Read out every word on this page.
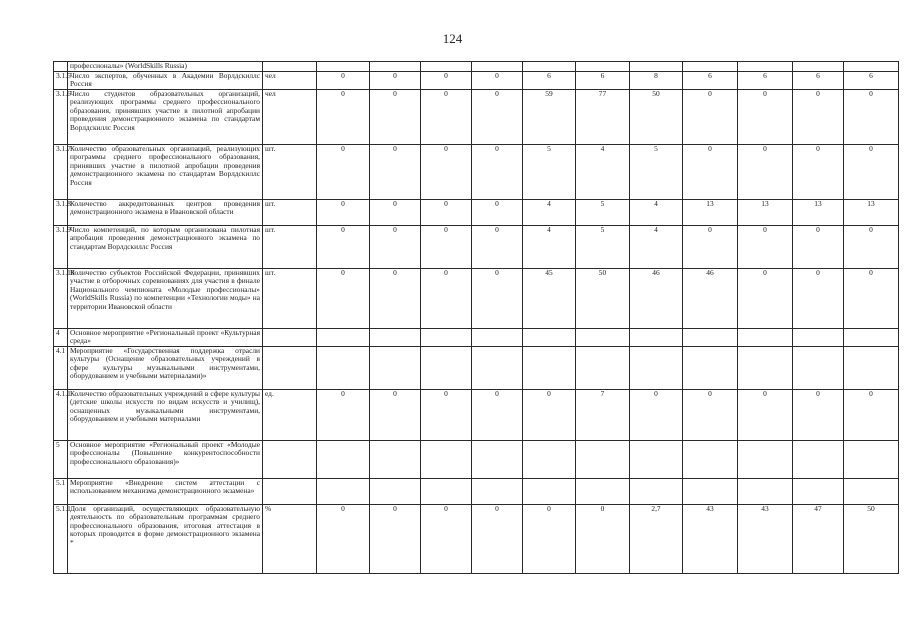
124
	профессионалы» (WorldSkills Russia)												
3.1.5	Число экспертов, обученных в Академии Ворлдскиллс Россия	чел	0	0	0	0	6	6	8	6	6	6	6
3.1.6	Число студентов образовательных организаций, реализующих программы среднего профессионального образования, принявших участие в пилотной апробации проведения демонстрационного экзамена по стандартам Ворлдскиллс Россия	чел	0	0	0	0	59	77	50	0	0	0	0
3.1.7	Количество образовательных организаций, реализующих программы среднего профессионального образования, принявших участие в пилотной апробации проведения демонстрационного экзамена по стандартам Ворлдскиллс Россия	шт.	0	0	0	0	5	4	5	0	0	0	0
3.1.8	Количество аккредитованных центров проведения демонстрационного экзамена в Ивановской области	шт.	0	0	0	0	4	5	4	13	13	13	13
3.1.9	Число компетенций, по которым организована пилотная апробация проведения демонстрационного экзамена по стандартам Ворлдскиллс Россия	шт.	0	0	0	0	4	5	4	0	0	0	0
3.1.10	Количество субъектов Российской Федерации, принявших участие в отборочных соревнованиях для участия в финале Национального чемпионата «Молодые профессионалы» (WorldSkills Russia) по компетенции «Технологии моды» на территории Ивановской области	шт.	0	0	0	0	45	50	46	46	0	0	0
4	Основное мероприятие «Региональный проект «Культурная среда»												
4.1	Мероприятие «Государственная поддержка отрасли культуры (Оснащение образовательных учреждений в сфере культуры музыкальными инструментами, оборудованием и учебными материалами)»												
4.1.1	Количество образовательных учреждений в сфере культуры (детские школы искусств по видам искусств и училищ), оснащенных музыкальными инструментами, оборудованием и учебными материалами	ед.	0	0	0	0	0	7	0	0	0	0	0
5	Основное мероприятие «Региональный проект «Молодые профессионалы (Повышение конкурентоспособности профессионального образования)»												
5.1	Мероприятие «Внедрение систем аттестации с использованием механизма демонстрационного экзамена»												
5.1.1	Доля организаций, осуществляющих образовательную деятельность по образовательным программам среднего профессионального образования, итоговая аттестация в которых проводится в форме демонстрационного экзамена *	%	0	0	0	0	0	0	2,7	43	43	47	50
